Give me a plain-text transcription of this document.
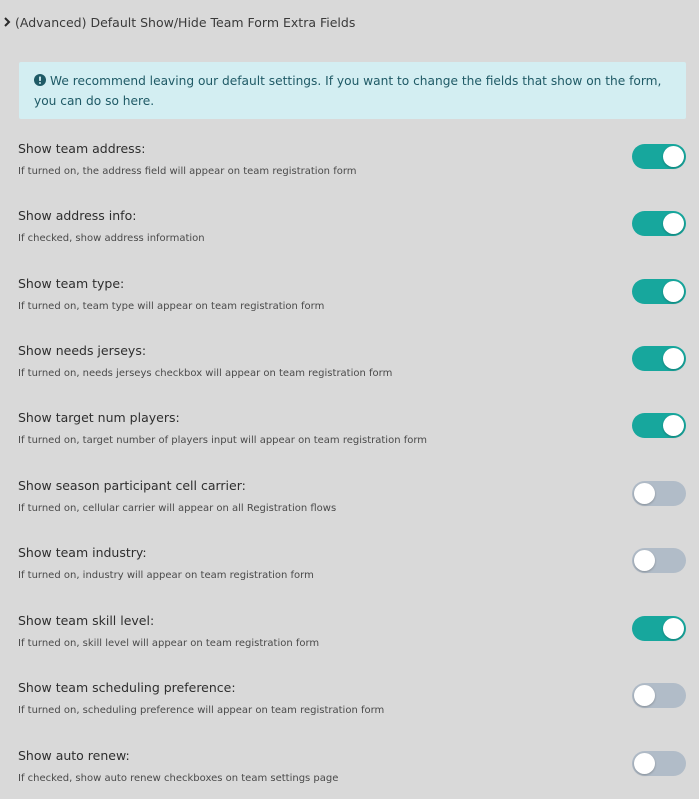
(Advanced) Default Show/Hide Team Form Extra Fields
We recommend leaving our default settings. If you want to change the fields that show on the form, you can do so here.
Show team address:
If turned on, the address field will appear on team registration form
Show address info:
If checked, show address information
Show team type:
If turned on, team type will appear on team registration form
Show needs jerseys:
If turned on, needs jerseys checkbox will appear on team registration form
Show target num players:
If turned on, target number of players input will appear on team registration form
Show season participant cell carrier:
If turned on, cellular carrier will appear on all Registration flows
Show team industry:
If turned on, industry will appear on team registration form
Show team skill level:
If turned on, skill level will appear on team registration form
Show team scheduling preference:
If turned on, scheduling preference will appear on team registration form
Show auto renew:
If checked, show auto renew checkboxes on team settings page
